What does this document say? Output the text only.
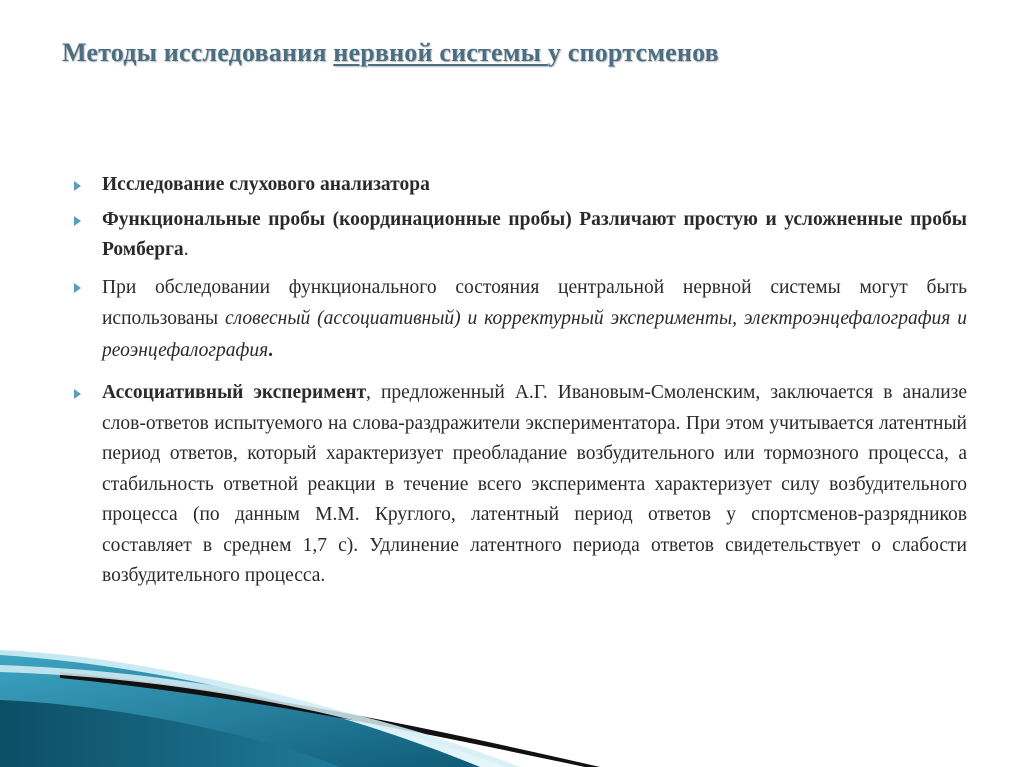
Методы исследования нервной системы у спортсменов
Исследование слухового анализатора
Функциональные пробы (координационные пробы) Различают простую и усложненные пробы Ромберга.
При обследовании функционального состояния центральной нервной системы могут быть использованы словесный (ассоциативный) и корректурный эксперименты, электроэнцефалография и реоэнцефалография.
Ассоциативный эксперимент, предложенный А.Г. Ивановым-Смоленским, заключается в анализе слов-ответов испытуемого на слова-раздражители экспериментатора. При этом учитывается латентный период ответов, который характеризует преобладание возбудительного или тормозного процесса, а стабильность ответной реакции в течение всего эксперимента характеризует силу возбудительного процесса (по данным М.М. Круглого, латентный период ответов у спортсменов-разрядников составляет в среднем 1,7 с). Удлинение латентного периода ответов свидетельствует о слабости возбудительного процесса.
